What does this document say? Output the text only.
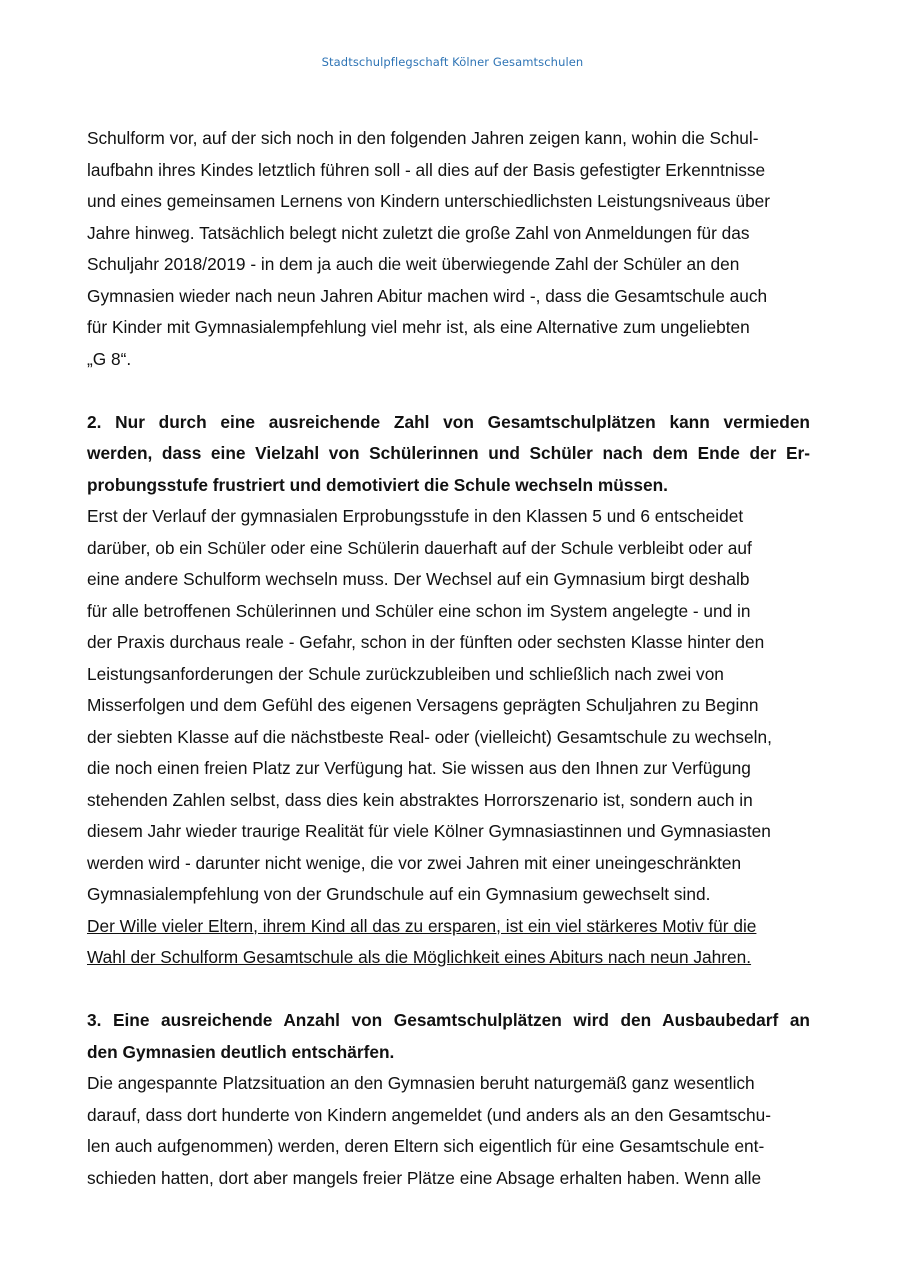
Stadtschulpflegschaft Kölner Gesamtschulen
Schulform vor, auf der sich noch in den folgenden Jahren zeigen kann, wohin die Schul-
laufbahn ihres Kindes letztlich führen soll - all dies auf der Basis gefestigter Erkenntnisse
und eines gemeinsamen Lernens von Kindern unterschiedlichsten Leistungsniveaus über
Jahre hinweg. Tatsächlich belegt nicht zuletzt die große Zahl von Anmeldungen für das
Schuljahr 2018/2019 - in dem ja auch die weit überwiegende Zahl der Schüler an den
Gymnasien wieder nach neun Jahren Abitur machen wird -, dass die Gesamtschule auch
für Kinder mit Gymnasialempfehlung viel mehr ist, als eine Alternative zum ungeliebten
„G 8“.
2. Nur durch eine ausreichende Zahl von Gesamtschulplätzen kann vermieden
werden, dass eine Vielzahl von Schülerinnen und Schüler nach dem Ende der Er-
probungsstufe frustriert und demotiviert die Schule wechseln müssen.
Erst der Verlauf der gymnasialen Erprobungsstufe in den Klassen 5 und 6 entscheidet
darüber, ob ein Schüler oder eine Schülerin dauerhaft auf der Schule verbleibt oder auf
eine andere Schulform wechseln muss. Der Wechsel auf ein Gymnasium birgt deshalb
für alle betroffenen Schülerinnen und Schüler eine schon im System angelegte - und in
der Praxis durchaus reale - Gefahr, schon in der fünften oder sechsten Klasse hinter den
Leistungsanforderungen der Schule zurückzubleiben und schließlich nach zwei von
Misserfolgen und dem Gefühl des eigenen Versagens geprägten Schuljahren zu Beginn
der siebten Klasse auf die nächstbeste Real- oder (vielleicht) Gesamtschule zu wechseln,
die noch einen freien Platz zur Verfügung hat. Sie wissen aus den Ihnen zur Verfügung
stehenden Zahlen selbst, dass dies kein abstraktes Horrorszenario ist, sondern auch in
diesem Jahr wieder traurige Realität für viele Kölner Gymnasiastinnen und Gymnasiasten
werden wird - darunter nicht wenige, die vor zwei Jahren mit einer uneingeschränkten
Gymnasialempfehlung von der Grundschule auf ein Gymnasium gewechselt sind.
Der Wille vieler Eltern, ihrem Kind all das zu ersparen, ist ein viel stärkeres Motiv für die
Wahl der Schulform Gesamtschule als die Möglichkeit eines Abiturs nach neun Jahren.
3. Eine ausreichende Anzahl von Gesamtschulplätzen wird den Ausbaubedarf an
den Gymnasien deutlich entschärfen.
Die angespannte Platzsituation an den Gymnasien beruht naturgemäß ganz wesentlich
darauf, dass dort hunderte von Kindern angemeldet (und anders als an den Gesamtschu-
len auch aufgenommen) werden, deren Eltern sich eigentlich für eine Gesamtschule ent-
schieden hatten, dort aber mangels freier Plätze eine Absage erhalten haben. Wenn alle
